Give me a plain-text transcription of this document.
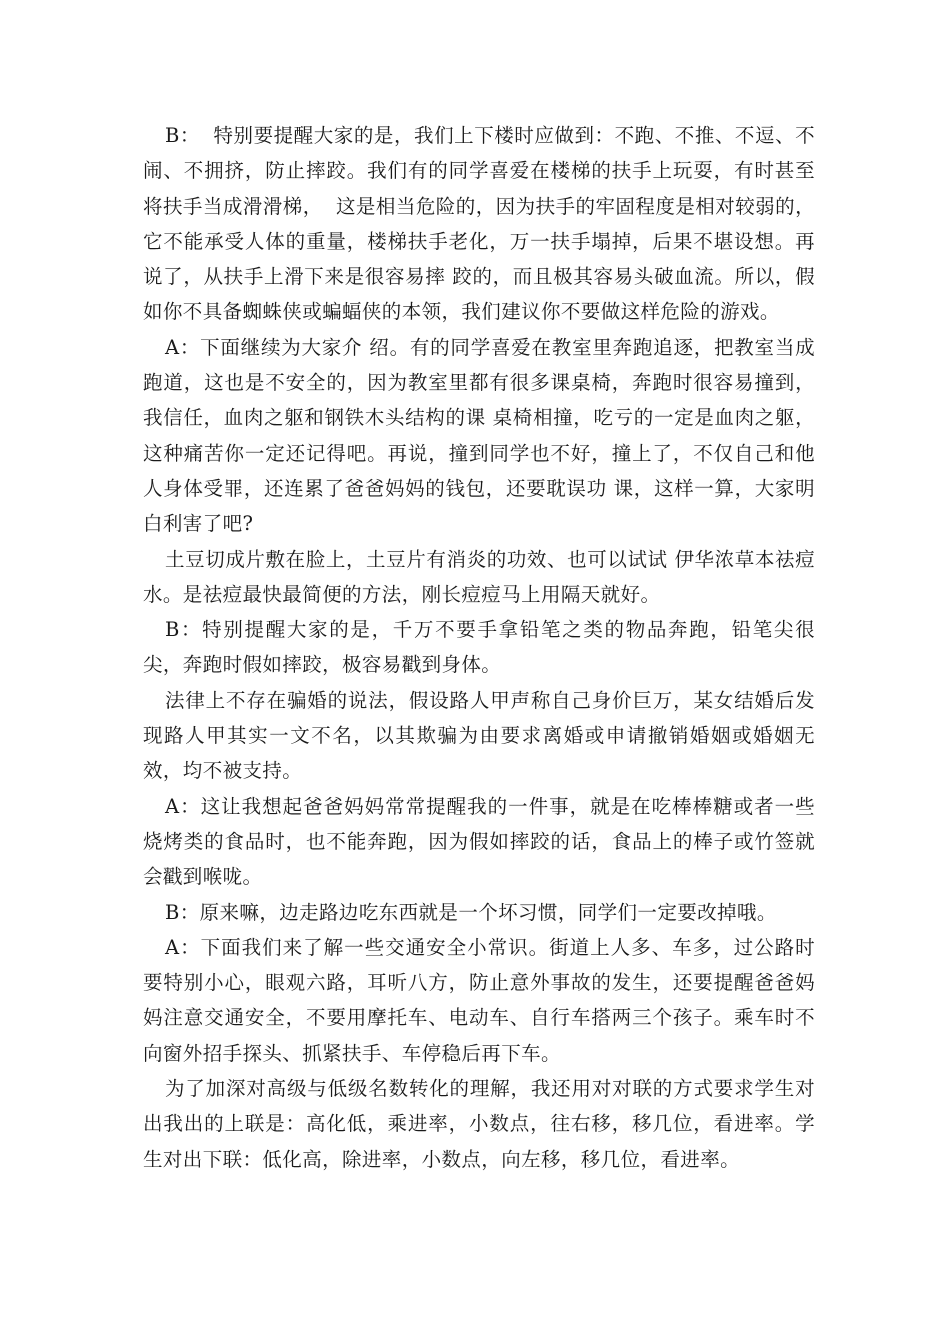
B：  特别要提醒大家的是，我们上下楼时应做到：不跑、不推、不逗、不闹、不拥挤，防止摔跤。我们有的同学喜爱在楼梯的扶手上玩耍，有时甚至将扶手当成滑滑梯，  这是相当危险的，因为扶手的牢固程度是相对较弱的，它不能承受人体的重量，楼梯扶手老化，万一扶手塌掉，后果不堪设想。再说了，从扶手上滑下来是很容易摔 跤的，而且极其容易头破血流。所以，假如你不具备蜘蛛侠或蝙蝠侠的本领，我们建议你不要做这样危险的游戏。

A：下面继续为大家介 绍。有的同学喜爱在教室里奔跑追逐，把教室当成跑道，这也是不安全的，因为教室里都有很多课桌椅，奔跑时很容易撞到，我信任，血肉之躯和钢铁木头结构的课 桌椅相撞，吃亏的一定是血肉之躯，这种痛苦你一定还记得吧。再说，撞到同学也不好，撞上了，不仅自己和他人身体受罪，还连累了爸爸妈妈的钱包，还要耽误功 课，这样一算，大家明白利害了吧?

土豆切成片敷在脸上，土豆片有消炎的功效、也可以试试 伊华浓草本祛痘水。是祛痘最快最简便的方法，刚长痘痘马上用隔天就好。

B：特别提醒大家的是，千万不要手拿铅笔之类的物品奔跑，铅笔尖很尖，奔跑时假如摔跤，极容易戳到身体。

法律上不存在骗婚的说法，假设路人甲声称自己身价巨万，某女结婚后发现路人甲其实一文不名，以其欺骗为由要求离婚或申请撤销婚姻或婚姻无效，均不被支持。

A：这让我想起爸爸妈妈常常提醒我的一件事，就是在吃棒棒糖或者一些烧烤类的食品时，也不能奔跑，因为假如摔跤的话，食品上的棒子或竹签就会戳到喉咙。

B：原来嘛，边走路边吃东西就是一个坏习惯，同学们一定要改掉哦。

A：下面我们来了解一些交通安全小常识。街道上人多、车多，过公路时要特别小心，眼观六路，耳听八方，防止意外事故的发生，还要提醒爸爸妈妈注意交通安全，不要用摩托车、电动车、自行车搭两三个孩子。乘车时不向窗外招手探头、抓紧扶手、车停稳后再下车。

为了加深对高级与低级名数转化的理解，我还用对对联的方式要求学生对出我出的上联是：高化低，乘进率，小数点，往右移，移几位，看进率。学生对出下联：低化高，除进率，小数点，向左移，移几位，看进率。
